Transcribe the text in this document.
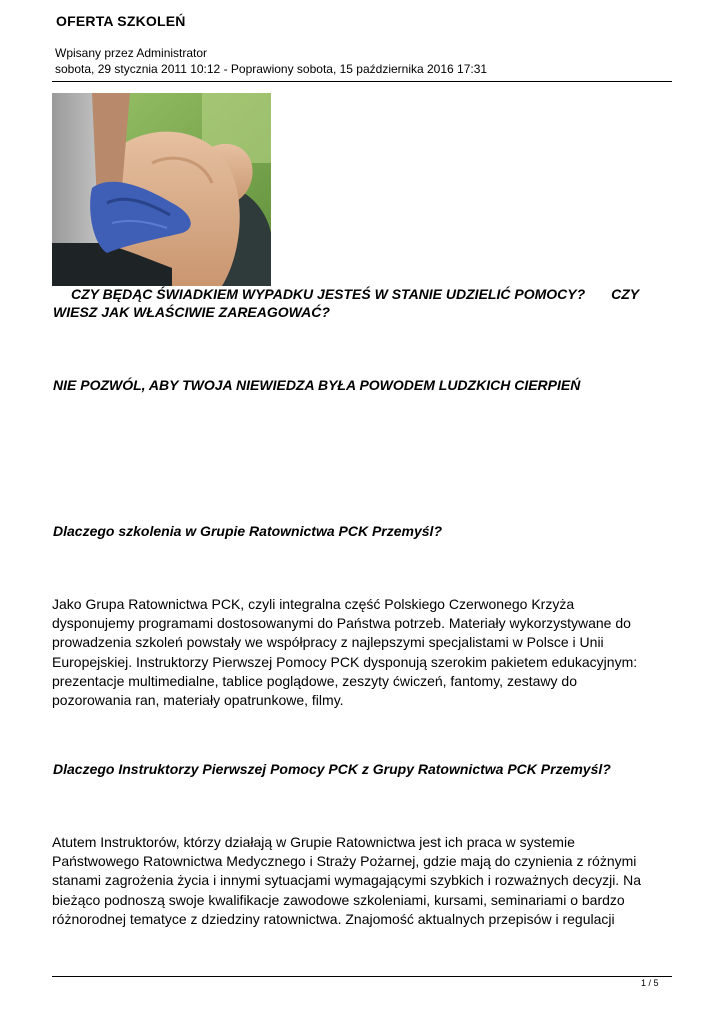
OFERTA SZKOLEŃ
Wpisany przez Administrator
sobota, 29 stycznia 2011 10:12 - Poprawiony sobota, 15 października 2016 17:31
CZY BĘDĄC ŚWIADKIEM WYPADKU JESTEŚ W STANIE UDZIELIĆ POMOCY? CZY
WIESZ JAK WŁAŚCIWIE ZAREAGOWAĆ?
NIE POZWÓL, ABY TWOJA NIEWIEDZA BYŁA POWODEM LUDZKICH CIERPIEŃ
Dlaczego szkolenia w Grupie Ratownictwa PCK Przemyśl?
Jako Grupa Ratownictwa PCK, czyli integralna część Polskiego Czerwonego Krzyża
dysponujemy programami dostosowanymi do Państwa potrzeb. Materiały wykorzystywane do
prowadzenia szkoleń powstały we współpracy z najlepszymi specjalistami w Polsce i Unii
Europejskiej. Instruktorzy Pierwszej Pomocy PCK dysponują szerokim pakietem edukacyjnym:
prezentacje multimedialne, tablice poglądowe, zeszyty ćwiczeń, fantomy, zestawy do
pozorowania ran, materiały opatrunkowe, filmy.
Dlaczego Instruktorzy Pierwszej Pomocy PCK z Grupy Ratownictwa PCK Przemyśl?
Atutem Instruktorów, którzy działają w Grupie Ratownictwa jest ich praca w systemie
Państwowego Ratownictwa Medycznego i Straży Pożarnej, gdzie mają do czynienia z różnymi
stanami zagrożenia życia i innymi sytuacjami wymagającymi szybkich i rozważnych decyzji. Na
bieżąco podnoszą swoje kwalifikacje zawodowe szkoleniami, kursami, seminariami o bardzo
różnorodnej tematyce z dziedziny ratownictwa. Znajomość aktualnych przepisów i regulacji
1 / 5
